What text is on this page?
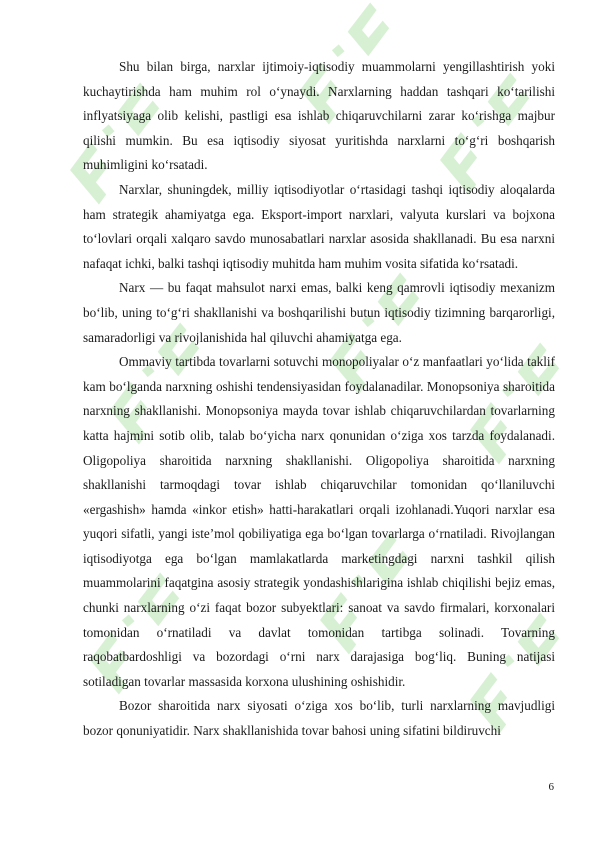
Shu bilan birga, narxlar ijtimoiy-iqtisodiy muammolarni yengillashtirish yoki kuchaytirishda ham muhim rol o‘ynaydi. Narxlarning haddan tashqari ko‘tarilishi inflyatsiyaga olib kelishi, pastligi esa ishlab chiqaruvchilarni zarar ko‘rishga majbur qilishi mumkin. Bu esa iqtisodiy siyosat yuritishda narxlarni to‘g‘ri boshqarish muhimligini ko‘rsatadi.

Narxlar, shuningdek, milliy iqtisodiyotlar o‘rtasidagi tashqi iqtisodiy aloqalarda ham strategik ahamiyatga ega. Eksport-import narxlari, valyuta kurslari va bojxona to‘lovlari orqali xalqaro savdo munosabatlari narxlar asosida shakllanadi. Bu esa narxni nafaqat ichki, balki tashqi iqtisodiy muhitda ham muhim vosita sifatida ko‘rsatadi.

Narx — bu faqat mahsulot narxi emas, balki keng qamrovli iqtisodiy mexanizm bo‘lib, uning to‘g‘ri shakllanishi va boshqarilishi butun iqtisodiy tizimning barqarorligi, samaradorligi va rivojlanishida hal qiluvchi ahamiyatga ega.

Ommaviy tartibda tovarlarni sotuvchi monopoliyalar o‘z manfaatlari yo‘lida taklif kam bo‘lganda narxning oshishi tendensiyasidan foydalanadilar. Monopsoniya sharoitida narxning shakllanishi. Monopsoniya mayda tovar ishlab chiqaruvchilardan tovarlarning katta hajmini sotib olib, talab bo‘yicha narx qonunidan o‘ziga xos tarzda foydalanadi. Oligopoliya sharoitida narxning shakllanishi. Oligopoliya sharoitida narxning shakllanishi tarmoqdagi tovar ishlab chiqaruvchilar tomonidan qo‘llaniluvchi «ergashish» hamda «inkor etish» hatti-harakatlari orqali izohlanadi.Yuqori narxlar esa yuqori sifatli, yangi iste’mol qobiliyatiga ega bo‘lgan tovarlarga o‘rnatiladi. Rivojlangan iqtisodiyotga ega bo‘lgan mamlakatlarda marketingdagi narxni tashkil qilish muammolarini faqatgina asosiy strategik yondashishlarigina ishlab chiqilishi bejiz emas, chunki narxlarning o‘zi faqat bozor subyektlari: sanoat va savdo firmalari, korxonalari tomonidan o‘rnatiladi va davlat tomonidan tartibga solinadi. Tovarning raqobatbardoshligi va bozordagi o‘rni narx darajasiga bog‘liq. Buning natijasi sotiladigan tovarlar massasida korxona ulushining oshishidir.

Bozor sharoitida narx siyosati o‘ziga xos bo‘lib, turli narxlarning mavjudligi bozor qonuniyatidir. Narx shakllanishida tovar bahosi uning sifatini bildiruvchi

6
